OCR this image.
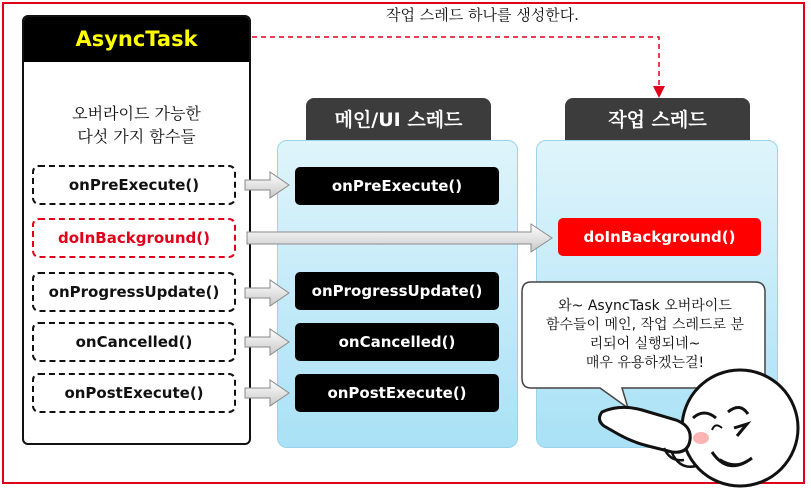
작업 스레드 하나를 생성한다.
AsyncTask
오버라이드 가능한
다섯 가지 함수들
onPreExecute()
doInBackground()
onProgressUpdate()
onCancelled()
onPostExecute()
메인/UI 스레드	작업 스레드
onPreExecute()
onProgressUpdate()
onCancelled()
onPostExecute()
doInBackground()
와~ AsyncTask 오버라이드
함수들이 메인, 작업 스레드로 분
리되어 실행되네~
매우 유용하겠는걸!
